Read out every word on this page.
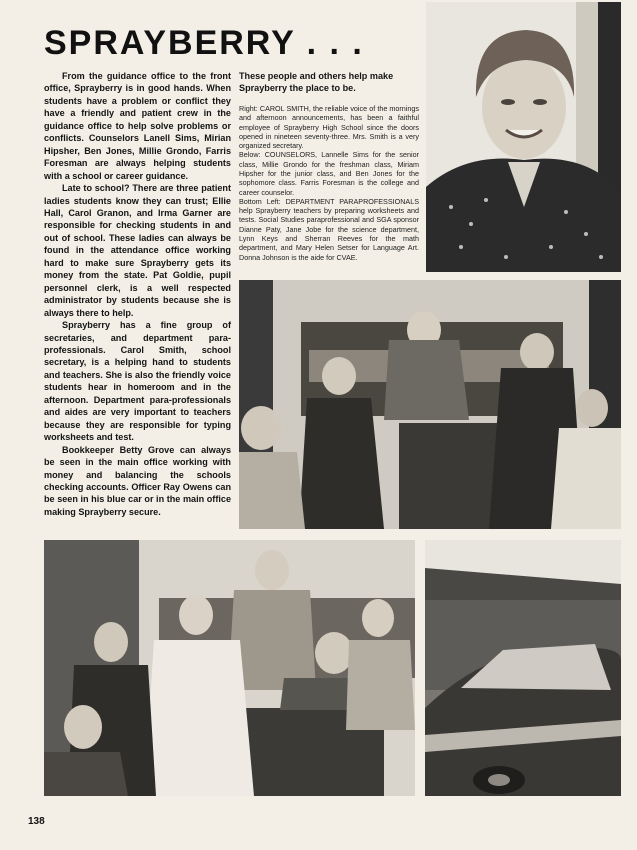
SPRAYBERRY . . .

From the guidance office to the front office, Sprayberry is in good hands. When students have a problem or conflict they have a friendly and patient crew in the guidance office to help solve problems or conflicts. Counselors Lanell Sims, Mirian Hipsher, Ben Jones, Millie Grondo, Farris Foresman are always helping students with a school or career guidance.

Late to school? There are three patient ladies students know they can trust; Ellie Hall, Carol Granon, and Irma Garner are responsible for checking students in and out of school. These ladies can always be found in the attendance office working hard to make sure Sprayberry gets its money from the state. Pat Goldie, pupil personnel clerk, is a well respected administrator by students because she is always there to help.

Sprayberry has a fine group of secretaries, and department para-professionals. Carol Smith, school secretary, is a helping hand to students and teachers. She is also the friendly voice students hear in homeroom and in the afternoon. Department para-professionals and aides are very important to teachers because they are responsible for typing worksheets and test.

Bookkeeper Betty Grove can always be seen in the main office working with money and balancing the schools checking accounts. Officer Ray Owens can be seen in his blue car or in the main office making Sprayberry secure.

These people and others help make Sprayberry the place to be.

Right: CAROL SMITH, the reliable voice of the mornings and afternoon announcements, has been a faithful employee of Sprayberry High School since the doors opened in nineteen seventy-three. Mrs. Smith is a very organized secretary.

Below: COUNSELORS, Lannelle Sims for the senior class, Millie Grondo for the freshman class, Miriam Hipsher for the junior class, and Ben Jones for the sophomore class. Farris Foresman is the college and career counselor.

Bottom Left: DEPARTMENT PARAPROFESSIONALS help Sprayberry teachers by preparing worksheets and tests. Social Studies paraprofessional and SGA sponsor Dianne Paty, Jane Jobe for the science department, Lynn Keys and Sherran Reeves for the math department, and Mary Helen Setser for Language Art. Donna Johnson is the aide for CVAE.

138
